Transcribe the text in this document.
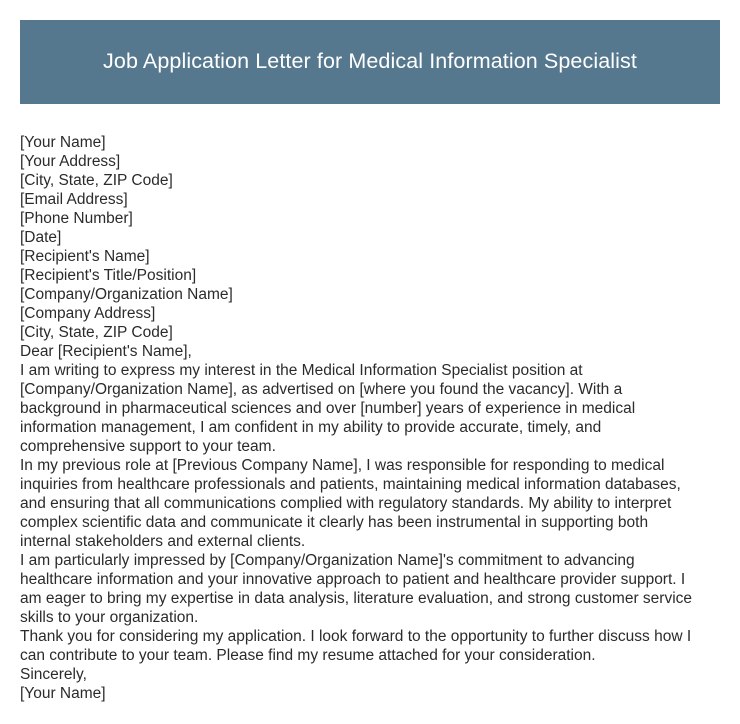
Job Application Letter for Medical Information Specialist
[Your Name]
[Your Address]
[City, State, ZIP Code]
[Email Address]
[Phone Number]
[Date]
[Recipient's Name]
[Recipient's Title/Position]
[Company/Organization Name]
[Company Address]
[City, State, ZIP Code]
Dear [Recipient's Name],
I am writing to express my interest in the Medical Information Specialist position at
[Company/Organization Name], as advertised on [where you found the vacancy]. With a
background in pharmaceutical sciences and over [number] years of experience in medical
information management, I am confident in my ability to provide accurate, timely, and
comprehensive support to your team.
In my previous role at [Previous Company Name], I was responsible for responding to medical
inquiries from healthcare professionals and patients, maintaining medical information databases,
and ensuring that all communications complied with regulatory standards. My ability to interpret
complex scientific data and communicate it clearly has been instrumental in supporting both
internal stakeholders and external clients.
I am particularly impressed by [Company/Organization Name]'s commitment to advancing
healthcare information and your innovative approach to patient and healthcare provider support. I
am eager to bring my expertise in data analysis, literature evaluation, and strong customer service
skills to your organization.
Thank you for considering my application. I look forward to the opportunity to further discuss how I
can contribute to your team. Please find my resume attached for your consideration.
Sincerely,
[Your Name]
